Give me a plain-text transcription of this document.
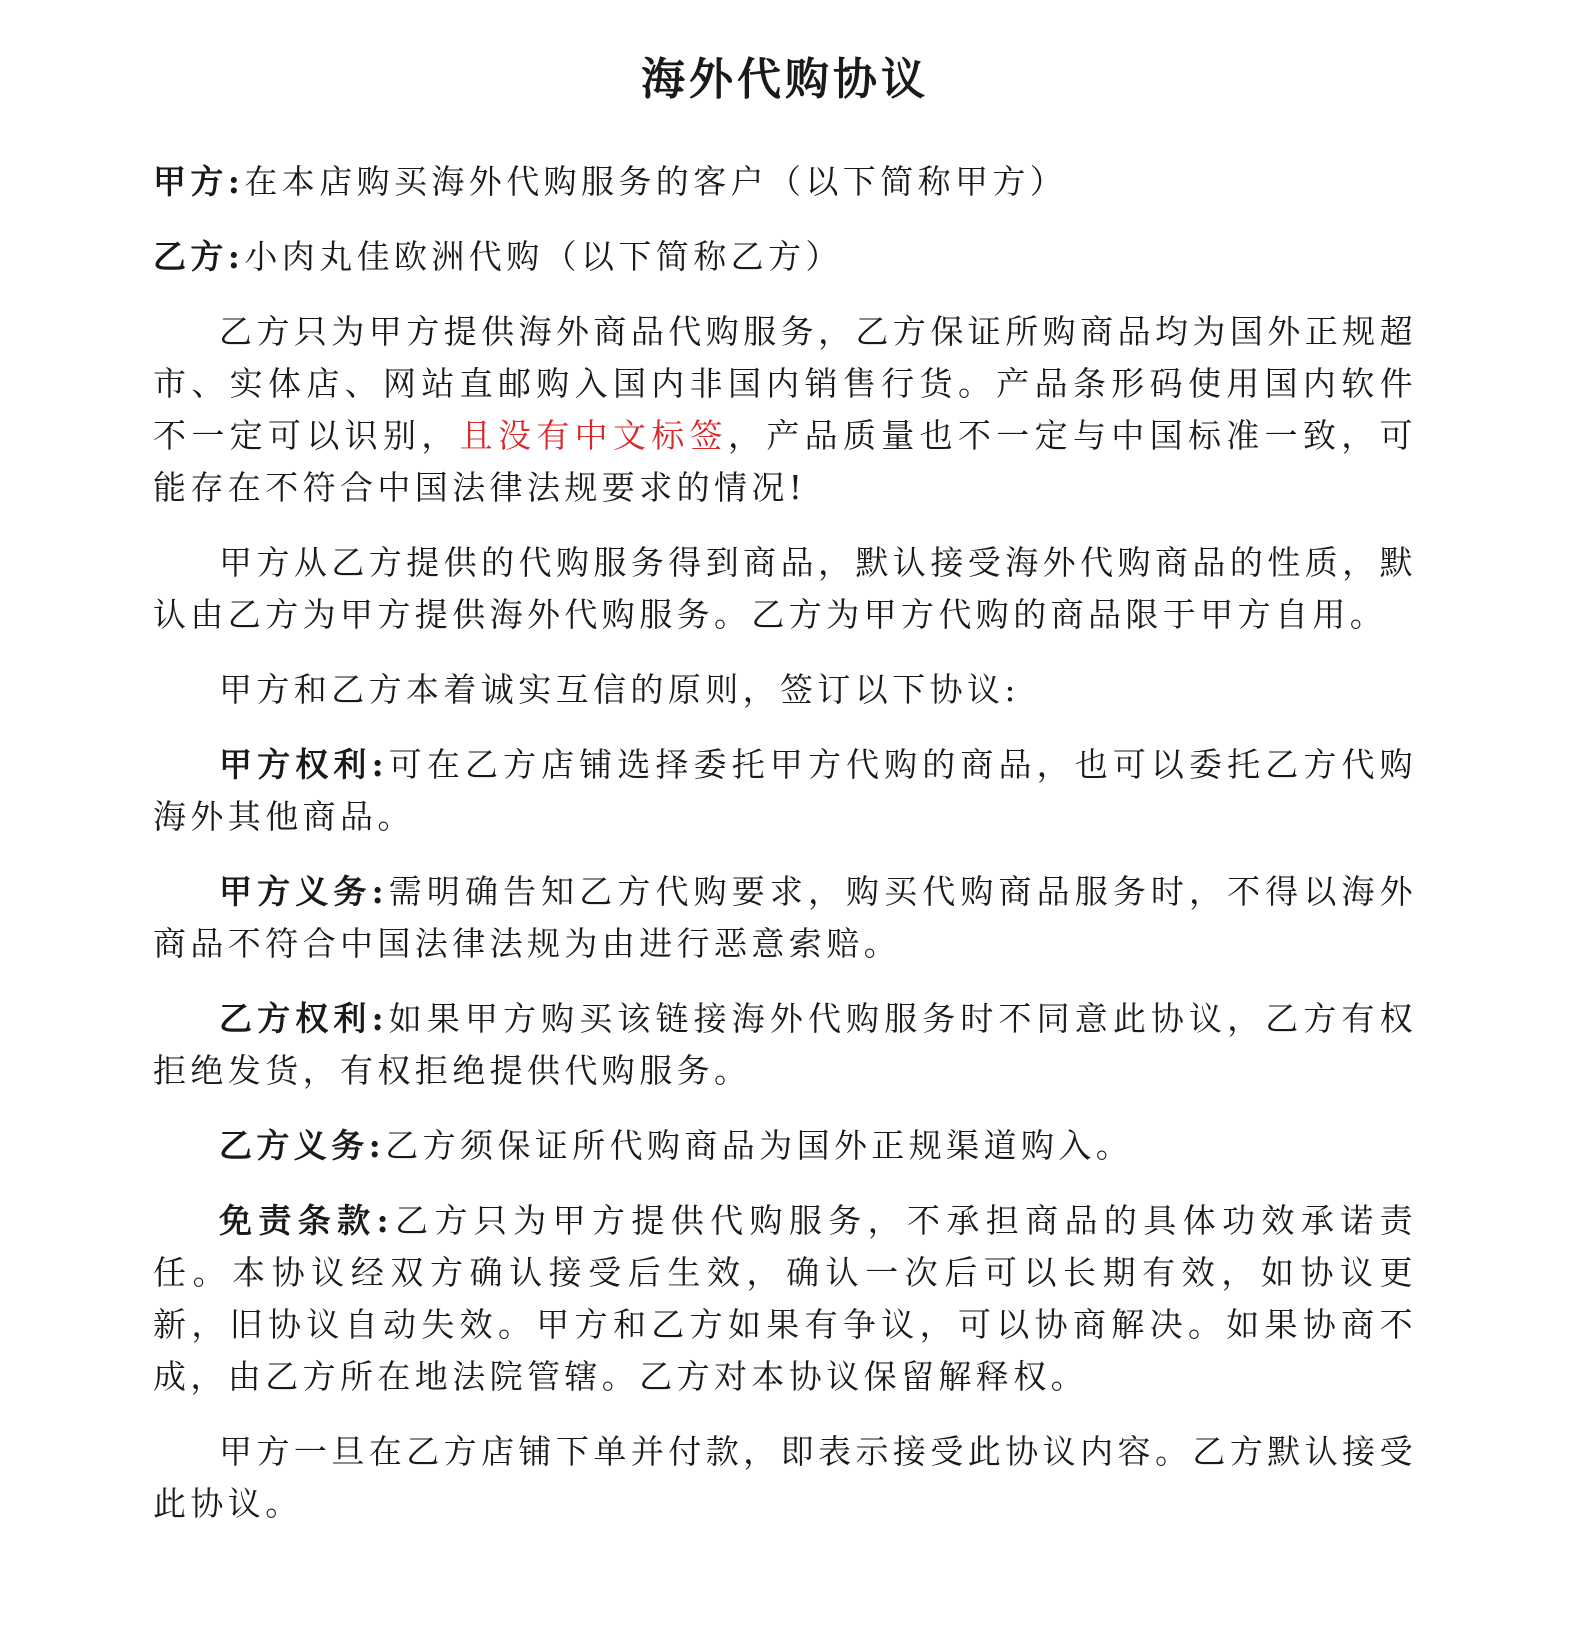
海外代购协议

甲方:在本店购买海外代购服务的客户（以下简称甲方）

乙方:小肉丸佳欧洲代购（以下简称乙方）

乙方只为甲方提供海外商品代购服务，乙方保证所购商品均为国外正规超市、实体店、网站直邮购入国内非国内销售行货。产品条形码使用国内软件不一定可以识别，且没有中文标签，产品质量也不一定与中国标准一致，可能存在不符合中国法律法规要求的情况!

甲方从乙方提供的代购服务得到商品，默认接受海外代购商品的性质，默认由乙方为甲方提供海外代购服务。乙方为甲方代购的商品限于甲方自用。

甲方和乙方本着诚实互信的原则，签订以下协议:

甲方权利:可在乙方店铺选择委托甲方代购的商品，也可以委托乙方代购海外其他商品。

甲方义务:需明确告知乙方代购要求，购买代购商品服务时，不得以海外商品不符合中国法律法规为由进行恶意索赔。

乙方权利:如果甲方购买该链接海外代购服务时不同意此协议，乙方有权拒绝发货，有权拒绝提供代购服务。

乙方义务:乙方须保证所代购商品为国外正规渠道购入。

免责条款:乙方只为甲方提供代购服务，不承担商品的具体功效承诺责任。本协议经双方确认接受后生效，确认一次后可以长期有效，如协议更新，旧协议自动失效。甲方和乙方如果有争议，可以协商解决。如果协商不成，由乙方所在地法院管辖。乙方对本协议保留解释权。

甲方一旦在乙方店铺下单并付款，即表示接受此协议内容。乙方默认接受此协议。
